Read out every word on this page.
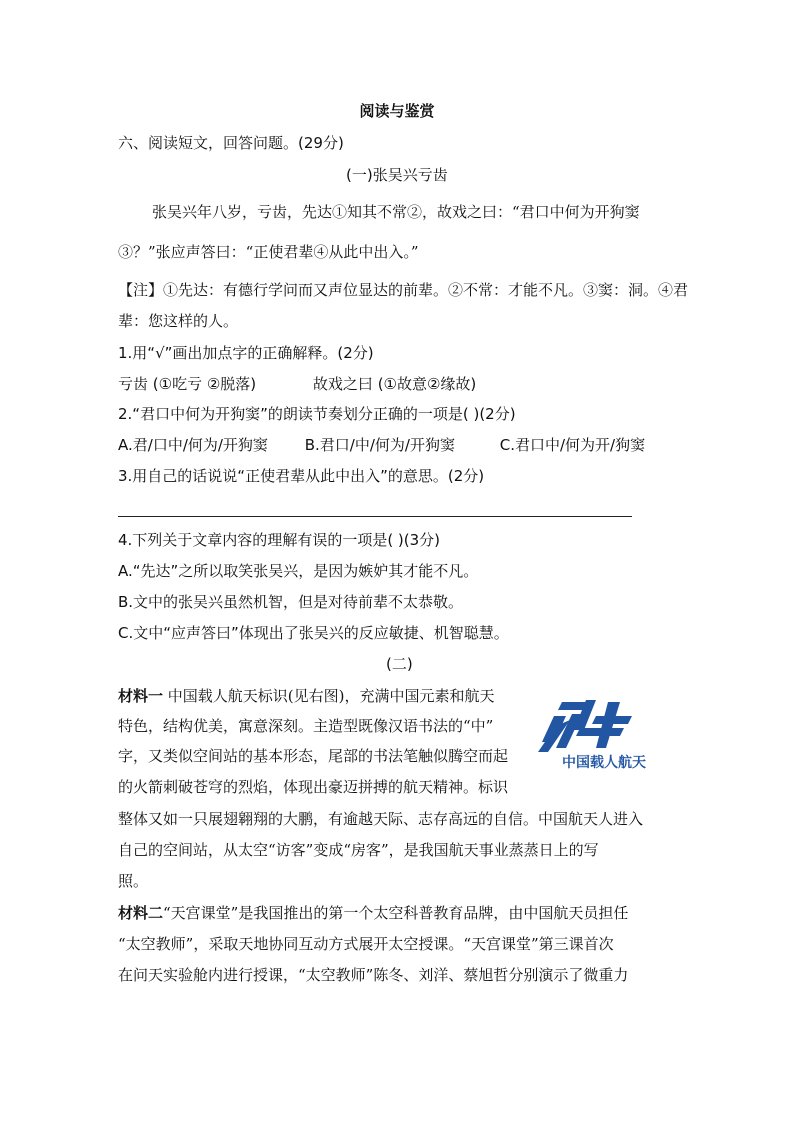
阅读与鉴赏
六、阅读短文，回答问题。(29分)
(一)张吴兴亏齿
张吴兴年八岁，亏齿，先达①知其不常②，故戏之曰：“君口中何为开狗窦
③？”张应声答曰：“正使君辈④从此中出入。”
【注】①先达：有德行学问而又声位显达的前辈。②不常：才能不凡。③窦：洞。④君
辈：您这样的人。
1.用“√”画出加点字的正确解释。(2分)
亏齿 (①吃亏 ②脱落)	故戏之曰 (①故意②缘故)
2.“君口中何为开狗窦”的朗读节奏划分正确的一项是( )(2分)
A.君/口中/何为/开狗窦 B.君口/中/何为/开狗窦	C.君口中/何为开/狗窦
3.用自己的话说说“正使君辈从此中出入”的意思。(2分)
4.下列关于文章内容的理解有误的一项是( )(3分)
A.“先达”之所以取笑张吴兴，是因为嫉妒其才能不凡。
B.文中的张吴兴虽然机智，但是对待前辈不太恭敬。
C.文中“应声答曰”体现出了张吴兴的反应敏捷、机智聪慧。
(二)
材料一 中国载人航天标识(见右图)，充满中国元素和航天
特色，结构优美，寓意深刻。主造型既像汉语书法的“中”
字，又类似空间站的基本形态，尾部的书法笔触似腾空而起
的火箭刺破苍穹的烈焰，体现出豪迈拼搏的航天精神。标识
整体又如一只展翅翱翔的大鹏，有逾越天际、志存高远的自信。中国航天人进入
自己的空间站，从太空“访客”变成“房客”，是我国航天事业蒸蒸日上的写
照。
材料二“天宫课堂”是我国推出的第一个太空科普教育品牌，由中国航天员担任
“太空教师”，采取天地协同互动方式展开太空授课。“天宫课堂”第三课首次
在问天实验舱内进行授课，“太空教师”陈冬、刘洋、蔡旭哲分别演示了微重力
中国载人航天
